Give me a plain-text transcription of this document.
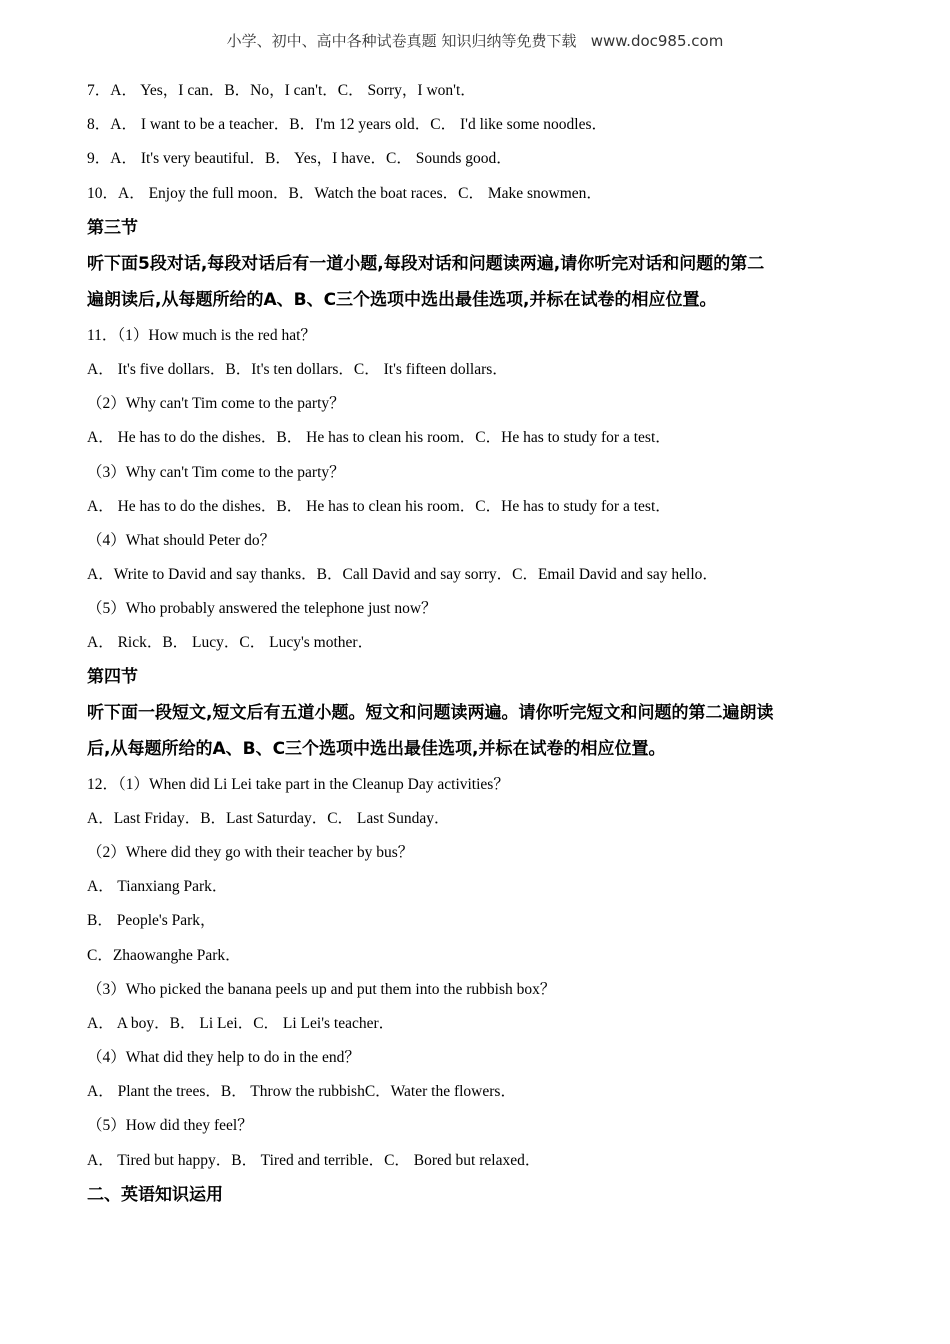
小学、初中、高中各种试卷真题 知识归纳等免费下载   www.doc985.com
7．A． Yes，I can．B．No，I can't．C． Sorry，I won't．
8．A． I want to be a teacher．B．I'm 12 years old．C． I'd like some noodles．
9．A． It's very beautiful．B． Yes，I have．C． Sounds good．
10．A． Enjoy the full moon．B．Watch the boat races．C． Make snowmen．
第三节
听下面5段对话,每段对话后有一道小题,每段对话和问题读两遍,请你听完对话和问题的第二
遍朗读后,从每题所给的A、B、C三个选项中选出最佳选项,并标在试卷的相应位置。
11．（1）How much is the red hat？
A． It's five dollars．B．It's ten dollars．C． It's fifteen dollars．
（2）Why can't Tim come to the party？
A． He has to do the dishes．B． He has to clean his room．C．He has to study for a test．
（3）Why can't Tim come to the party？
A． He has to do the dishes．B． He has to clean his room．C．He has to study for a test．
（4）What should Peter do？
A．Write to David and say thanks．B．Call David and say sorry．C．Email David and say hello．
（5）Who probably answered the telephone just now？
A． Rick．B． Lucy．C． Lucy's mother．
第四节
听下面一段短文,短文后有五道小题。短文和问题读两遍。请你听完短文和问题的第二遍朗读
后,从每题所给的A、B、C三个选项中选出最佳选项,并标在试卷的相应位置。
12．（1）When did Li Lei take part in the Cleanup Day activities？
A．Last Friday．B．Last Saturday．C． Last Sunday．
（2）Where did they go with their teacher by bus？
A． Tianxiang Park．
B． People's Park，
C．Zhaowanghe Park．
（3）Who picked the banana peels up and put them into the rubbish box？
A． A boy．B． Li Lei．C． Li Lei's teacher．
（4）What did they help to do in the end？
A． Plant the trees．B． Throw the rubbishC．Water the flowers．
（5）How did they feel？
A． Tired but happy．B． Tired and terrible．C． Bored but relaxed．
二、英语知识运用
